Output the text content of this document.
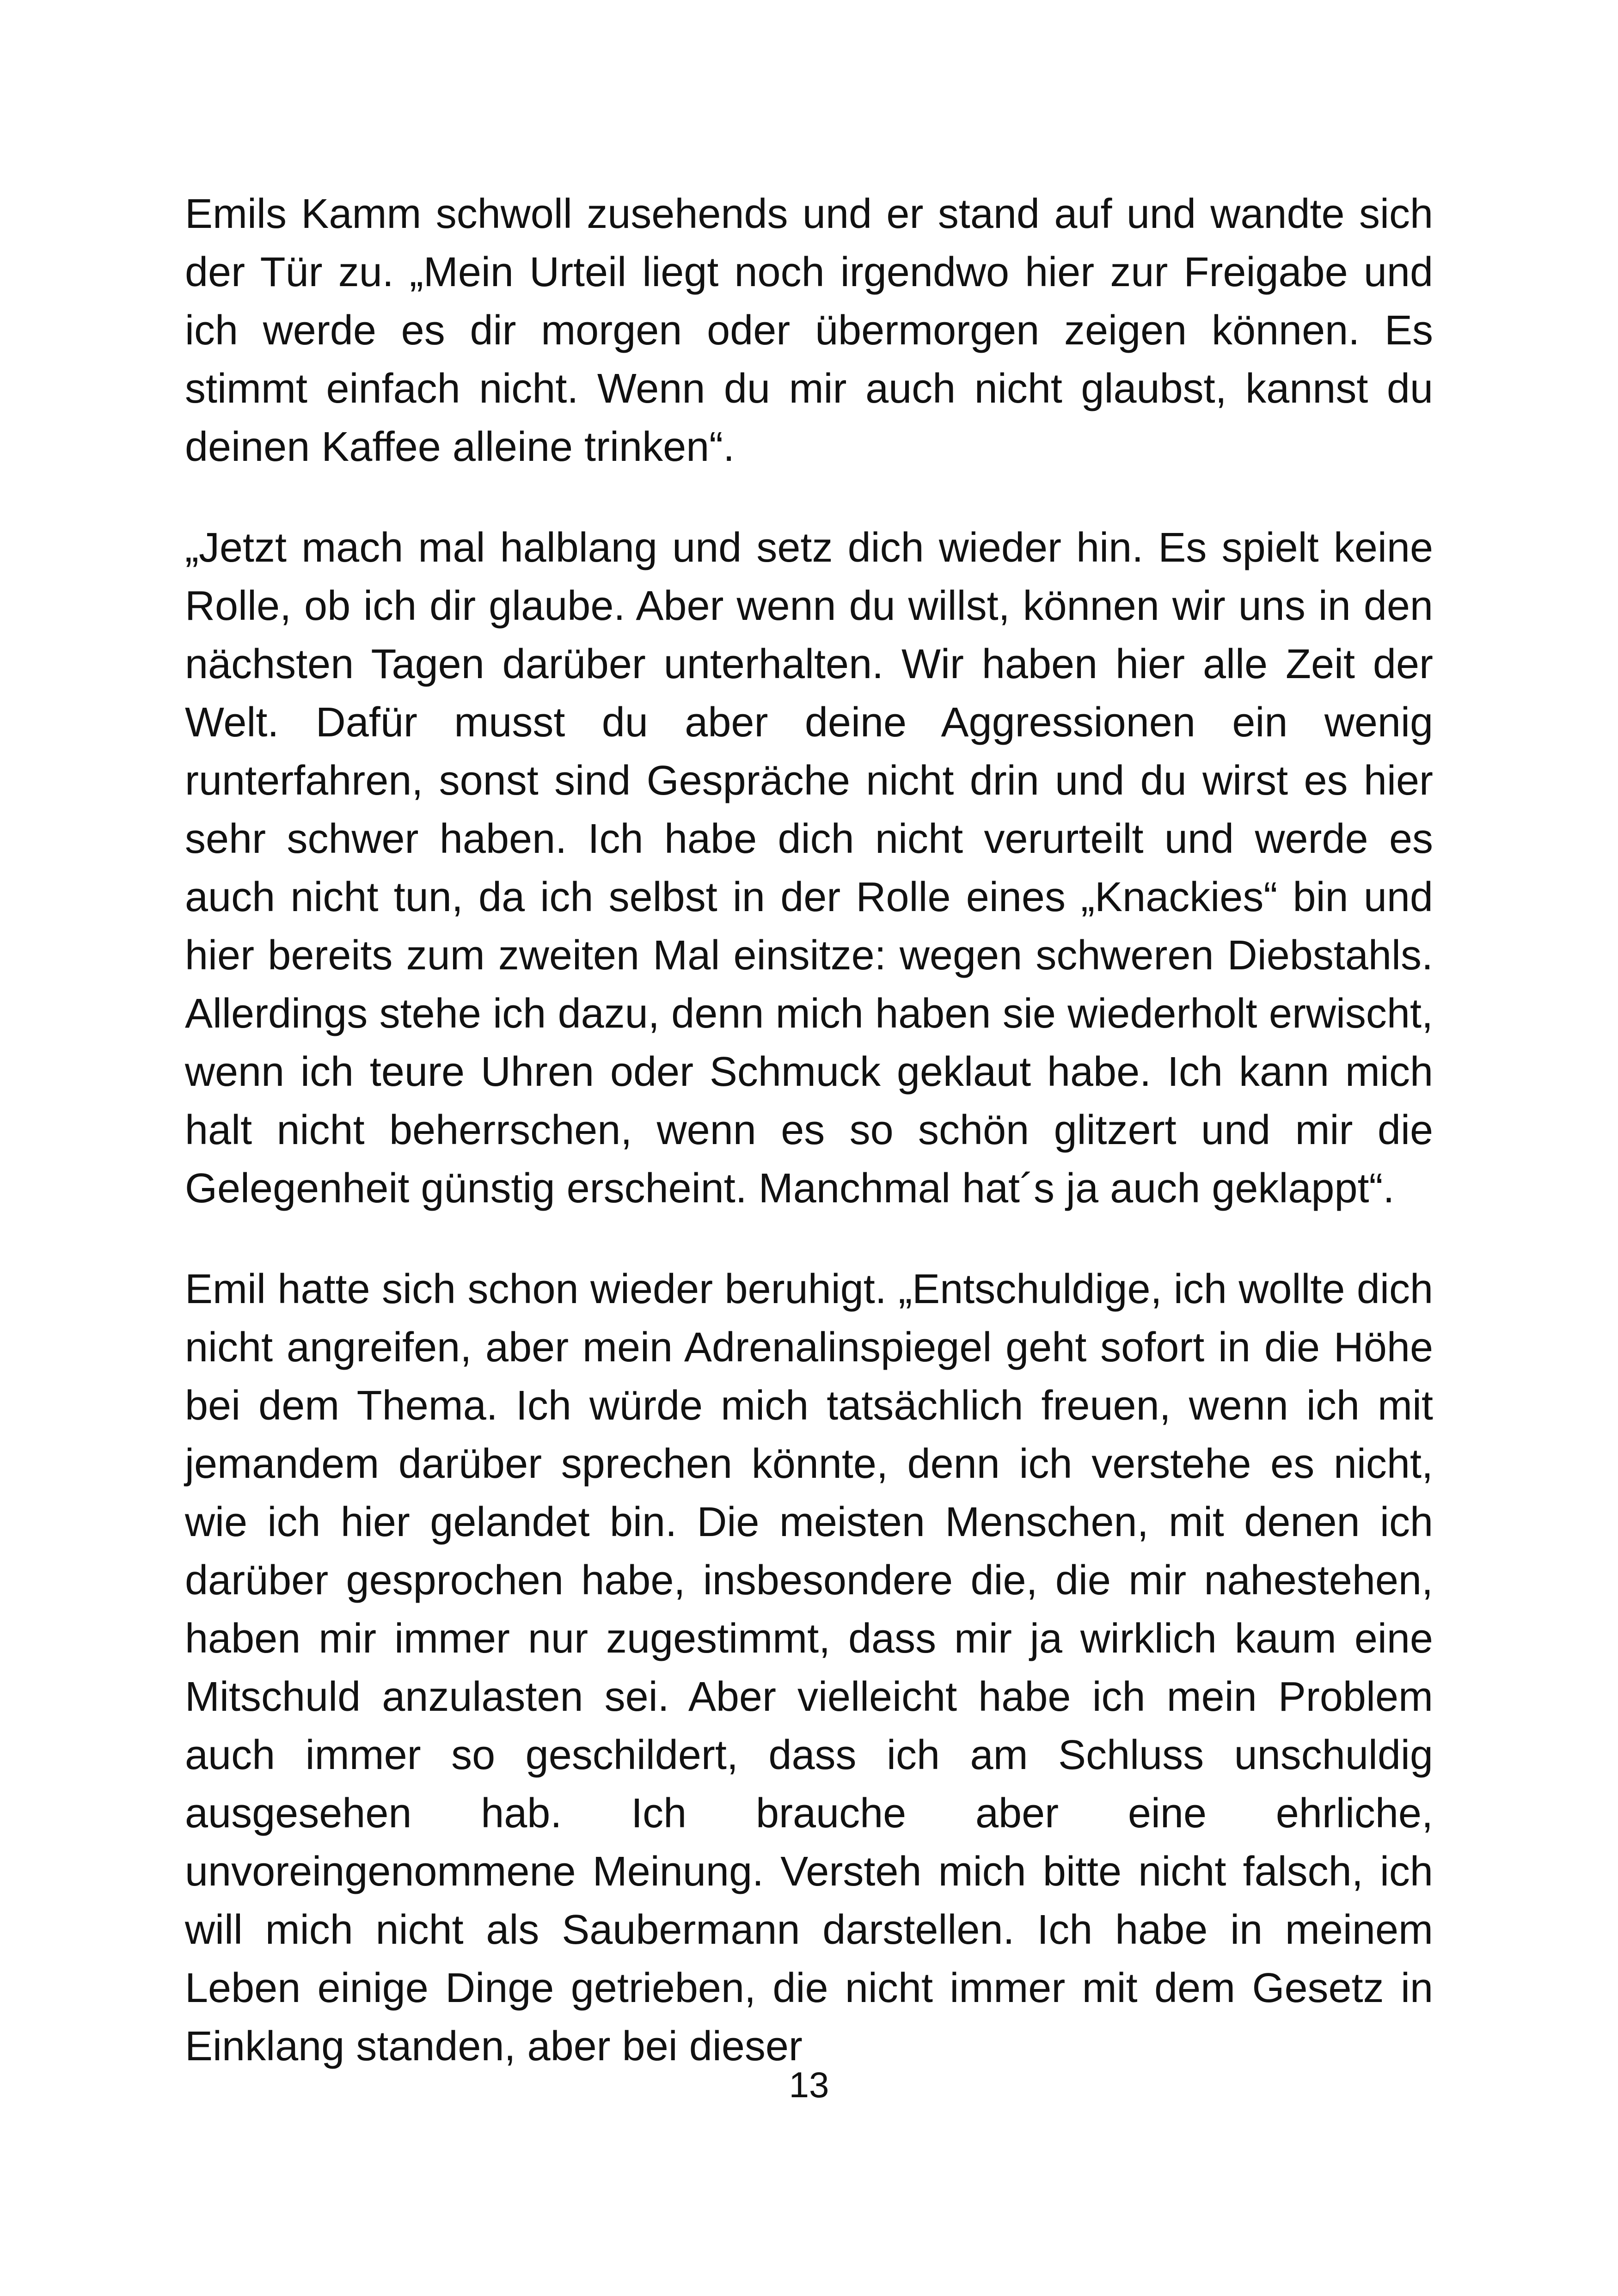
Emils Kamm schwoll zusehends und er stand auf und wandte sich der Tür zu. „Mein Urteil liegt noch irgendwo hier zur Freigabe und ich werde es dir morgen oder übermorgen zeigen können. Es stimmt einfach nicht. Wenn du mir auch nicht glaubst, kannst du deinen Kaffee alleine trinken“.

„Jetzt mach mal halblang und setz dich wieder hin. Es spielt keine Rolle, ob ich dir glaube. Aber wenn du willst, können wir uns in den nächsten Tagen darüber unterhalten. Wir haben hier alle Zeit der Welt. Dafür musst du aber deine Aggressionen ein wenig runterfahren, sonst sind Gespräche nicht drin und du wirst es hier sehr schwer haben. Ich habe dich nicht verurteilt und werde es auch nicht tun, da ich selbst in der Rolle eines „Knackies“ bin und hier bereits zum zweiten Mal einsitze: wegen schweren Diebstahls. Allerdings stehe ich dazu, denn mich haben sie wiederholt erwischt, wenn ich teure Uhren oder Schmuck geklaut habe. Ich kann mich halt nicht beherrschen, wenn es so schön glitzert und mir die Gelegenheit günstig erscheint. Manchmal hat´s ja auch geklappt“.

Emil hatte sich schon wieder beruhigt. „Entschuldige, ich wollte dich nicht angreifen, aber mein Adrenalinspiegel geht sofort in die Höhe bei dem Thema. Ich würde mich tatsächlich freuen, wenn ich mit jemandem darüber sprechen könnte, denn ich verstehe es nicht, wie ich hier gelandet bin. Die meisten Menschen, mit denen ich darüber gesprochen habe, insbesondere die, die mir nahestehen, haben mir immer nur zugestimmt, dass mir ja wirklich kaum eine Mitschuld anzulasten sei. Aber vielleicht habe ich mein Problem auch immer so geschildert, dass ich am Schluss unschuldig ausgesehen hab. Ich brauche aber eine ehrliche, unvoreingenommene Meinung. Versteh mich bitte nicht falsch, ich will mich nicht als Saubermann darstellen. Ich habe in meinem Leben einige Dinge getrieben, die nicht immer mit dem Gesetz in Einklang standen, aber bei dieser

13
